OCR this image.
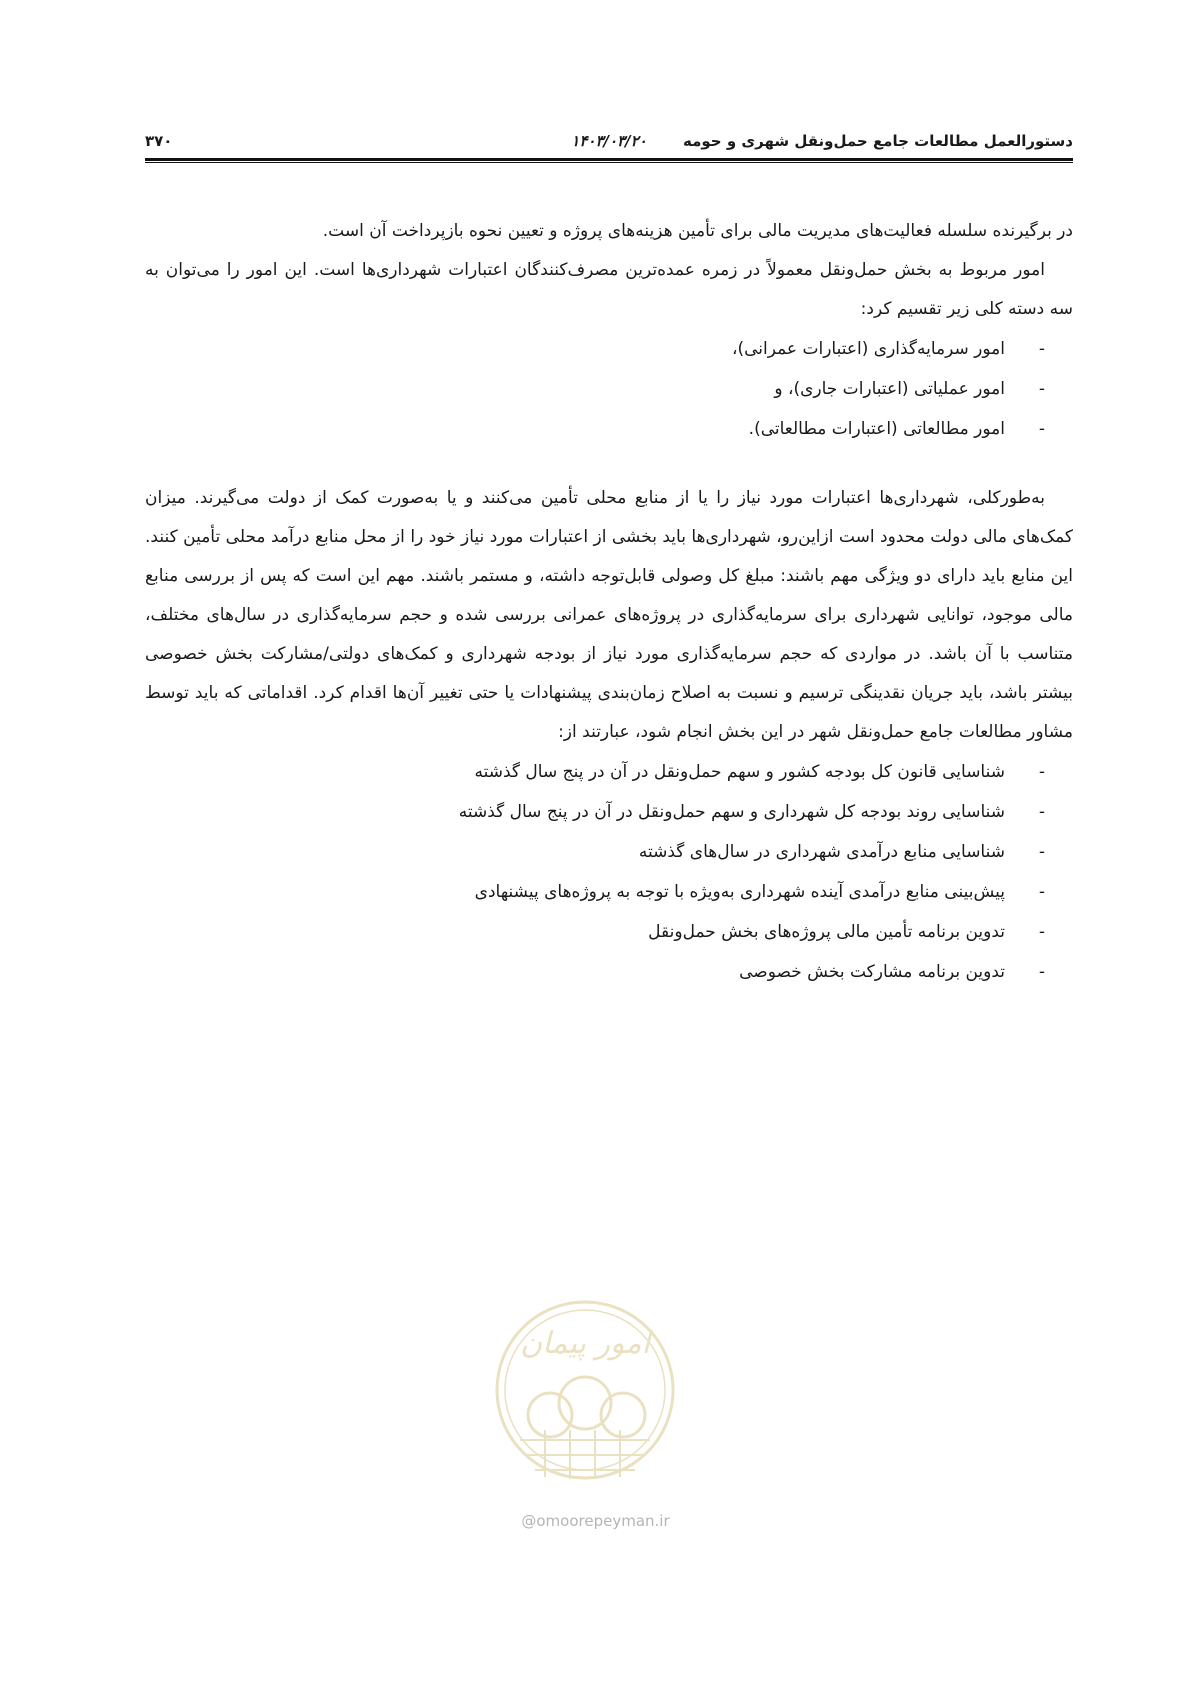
دستورالعمل مطالعات جامع حمل‌ونقل شهری و حومه
۱۴۰۳/۰۳/۲۰
۳۷۰

در برگیرنده سلسله فعالیت‌های مدیریت مالی برای تأمین هزینه‌های پروژه و تعیین نحوه بازپرداخت آن است.

امور مربوط به بخش حمل‌ونقل معمولاً در زمره عمده‌ترین مصرف‌کنندگان اعتبارات شهرداری‌ها است. این امور را می‌توان به سه دسته کلی زیر تقسیم کرد:

-
امور سرمایه‌گذاری (اعتبارات عمرانی)،
-
امور عملیاتی (اعتبارات جاری)، و
-
امور مطالعاتی (اعتبارات مطالعاتی).

به‌طورکلی، شهرداری‌ها اعتبارات مورد نیاز را یا از منابع محلی تأمین می‌کنند و یا به‌صورت کمک از دولت می‌گیرند. میزان کمک‌های مالی دولت محدود است ازاین‌رو، شهرداری‌ها باید بخشی از اعتبارات مورد نیاز خود را از محل منابع درآمد محلی تأمین کنند. این منابع باید دارای دو ویژگی مهم باشند: مبلغ کل وصولی قابل‌توجه داشته، و مستمر باشند. مهم این است که پس از بررسی منابع مالی موجود، توانایی شهرداری برای سرمایه‌گذاری در پروژه‌های عمرانی بررسی شده و حجم سرمایه‌گذاری در سال‌های مختلف، متناسب با آن باشد. در مواردی که حجم سرمایه‌گذاری مورد نیاز از بودجه شهرداری و کمک‌های دولتی/مشارکت بخش خصوصی بیشتر باشد، باید جریان نقدینگی ترسیم و نسبت به اصلاح زمان‌بندی پیشنهادات یا حتی تغییر آن‌ها اقدام کرد. اقداماتی که باید توسط مشاور مطالعات جامع حمل‌ونقل شهر در این بخش انجام شود، عبارتند از:

-
شناسایی قانون کل بودجه کشور و سهم حمل‌ونقل در آن در پنج سال گذشته
-
شناسایی روند بودجه کل شهرداری و سهم حمل‌ونقل در آن در پنج سال گذشته
-
شناسایی منابع درآمدی شهرداری در سال‌های گذشته
-
پیش‌بینی منابع درآمدی آینده شهرداری به‌ویژه با توجه به پروژه‌های پیشنهادی
-
تدوین برنامه تأمین مالی پروژه‌های بخش حمل‌ونقل
-
تدوین برنامه مشارکت بخش خصوصی
امور پیمان
@omoorepeyman.ir
